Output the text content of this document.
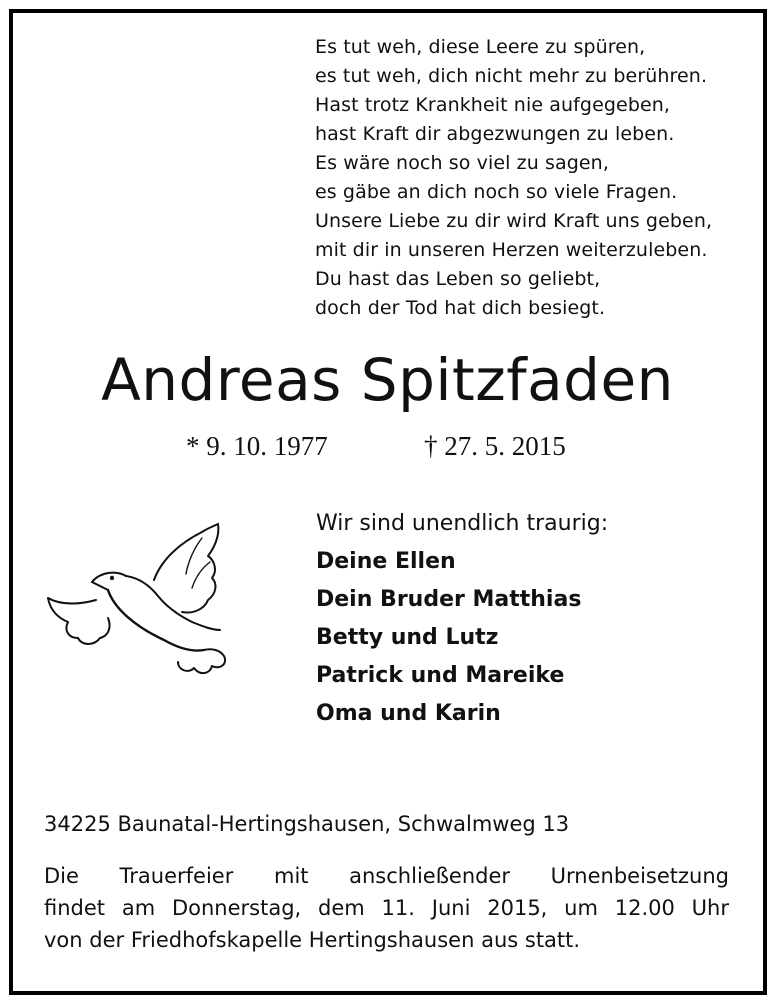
Es tut weh, diese Leere zu spüren,
es tut weh, dich nicht mehr zu berühren.
Hast trotz Krankheit nie aufgegeben,
hast Kraft dir abgezwungen zu leben.
Es wäre noch so viel zu sagen,
es gäbe an dich noch so viele Fragen.
Unsere Liebe zu dir wird Kraft uns geben,
mit dir in unseren Herzen weiterzuleben.
Du hast das Leben so geliebt,
doch der Tod hat dich besiegt.
Andreas Spitzfaden
* 9. 10. 1977	† 27. 5. 2015
Wir sind unendlich traurig:
Deine Ellen
Dein Bruder Matthias
Betty und Lutz
Patrick und Mareike
Oma und Karin
34225 Baunatal-Hertingshausen, Schwalmweg 13
Die Trauerfeier mit anschließender Urnenbeisetzung
findet am Donnerstag, dem 11. Juni 2015, um 12.00 Uhr
von der Friedhofskapelle Hertingshausen aus statt.
